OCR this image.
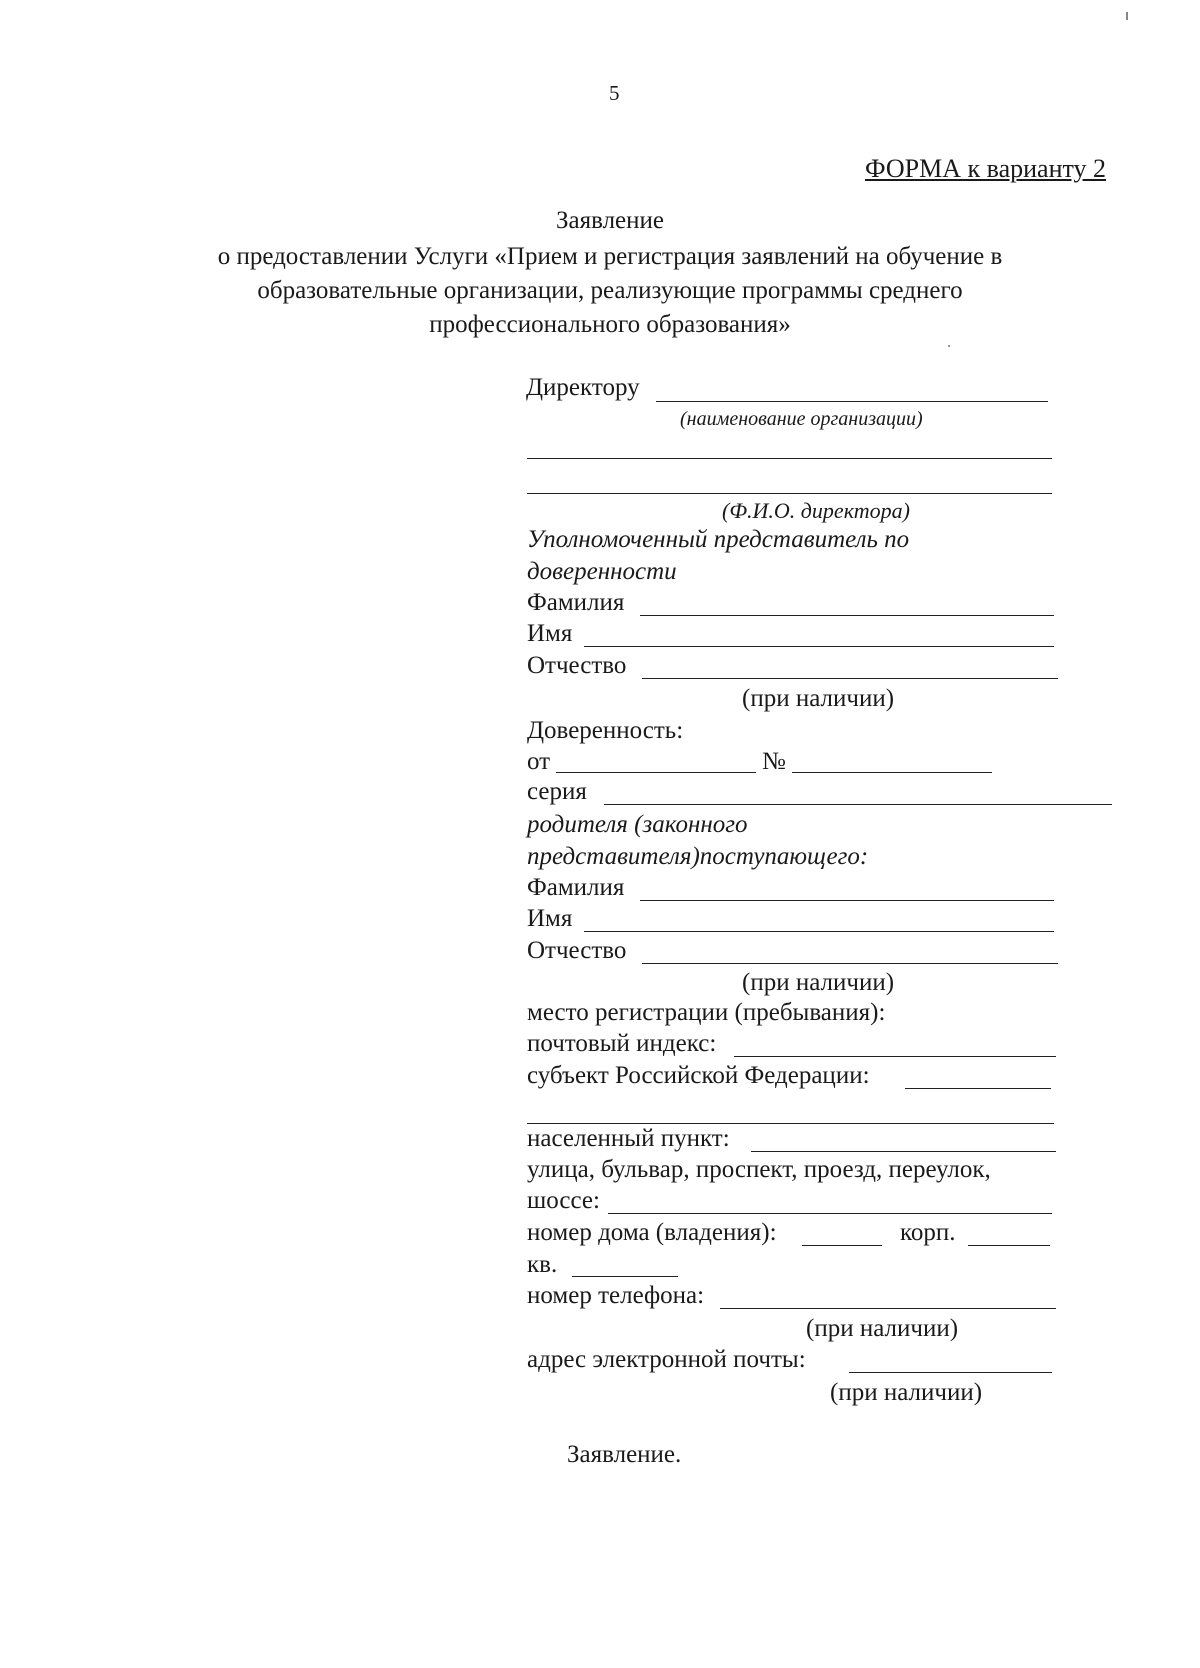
5
ФОРМА к варианту 2
Заявление
о предоставлении Услуги «Прием и регистрация заявлений на обучение в
образовательные организации, реализующие программы среднего
профессионального образования»
Директору
(наименование организации)
(Ф.И.О. директора)
Уполномоченный представитель по
доверенности
Фамилия
Имя
Отчество
(при наличии)
Доверенность:
от	№
серия
родителя (законного
представителя)поступающего:
Фамилия
Имя
Отчество
(при наличии)
место регистрации (пребывания):
почтовый индекс:
субъект Российской Федерации:
населенный пункт:
улица, бульвар, проспект, проезд, переулок,
шоссе:
номер дома (владения):	корп.
кв.
номер телефона:
(при наличии)
адрес электронной почты:
(при наличии)
Заявление.
